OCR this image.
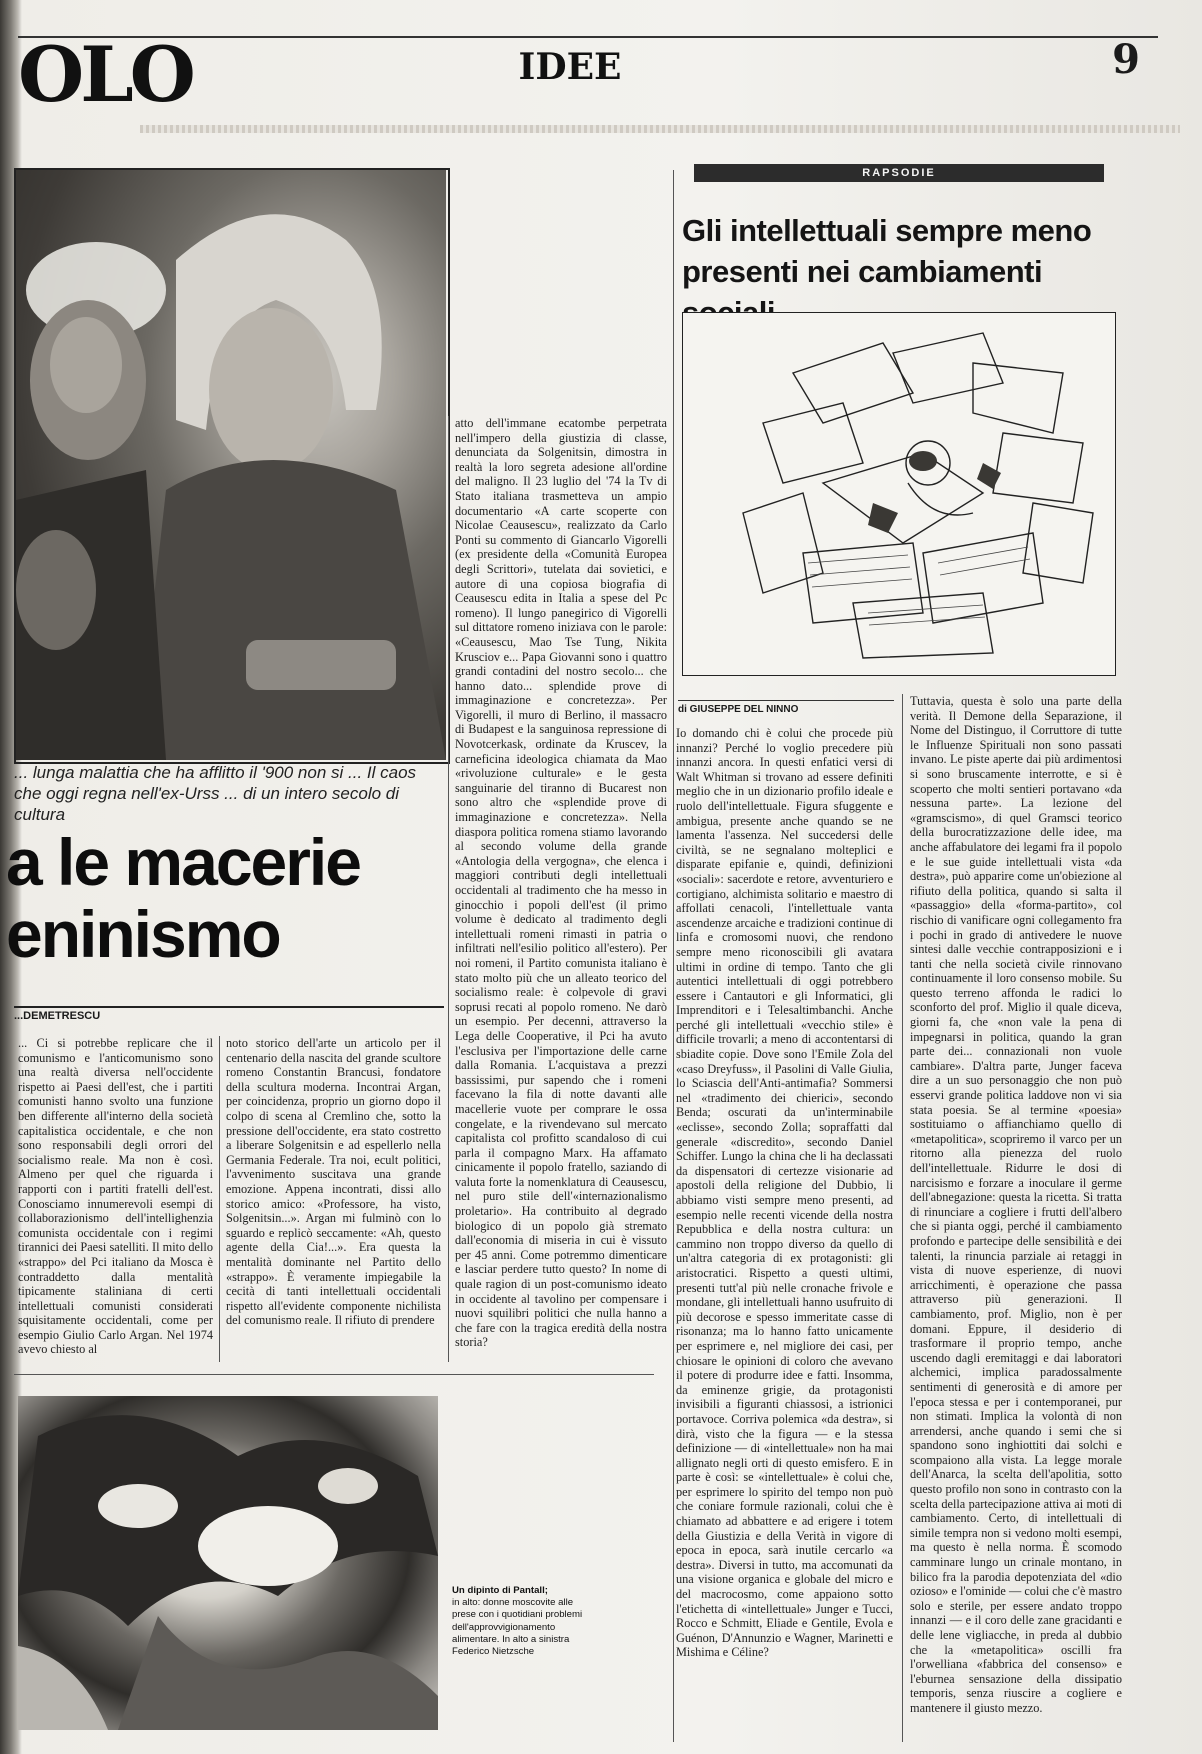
OLO	IDEE	9
... lunga malattia che ha afflitto il '900 non si ... Il caos che oggi regna nell'ex-Urss ... di un intero secolo di cultura
a le macerie
eninismo
...DEMETRESCU
... Ci si potrebbe replicare che il comunismo e l'anticomunismo sono una realtà diversa nell'occidente rispetto ai Paesi dell'est, che i partiti comunisti hanno svolto una funzione ben differente all'interno della società capitalistica occidentale, e che non sono responsabili degli orrori del socialismo reale. Ma non è così. Almeno per quel che riguarda i rapporti con i partiti fratelli dell'est. Conosciamo innumerevoli esempi di collaborazionismo dell'intellighenzia comunista occidentale con i regimi tirannici dei Paesi satelliti. Il mito dello «strappo» del Pci italiano da Mosca è contraddetto dalla mentalità tipicamente staliniana di certi intellettuali comunisti considerati squisitamente occidentali, come per esempio Giulio Carlo Argan. Nel 1974 avevo chiesto al
noto storico dell'arte un articolo per il centenario della nascita del grande scultore romeno Constantin Brancusi, fondatore della scultura moderna. Incontrai Argan, per coincidenza, proprio un giorno dopo il colpo di scena al Cremlino che, sotto la pressione dell'occidente, era stato costretto a liberare Solgenitsin e ad espellerlo nella Germania Federale. Tra noi, ecult politici, l'avvenimento suscitava una grande emozione. Appena incontrati, dissi allo storico amico: «Professore, ha visto, Solgenitsin...». Argan mi fulminò con lo sguardo e replicò seccamente: «Ah, questo agente della Cia!...». Era questa la mentalità dominante nel Partito dello «strappo». È veramente impiegabile la cecità di tanti intellettuali occidentali rispetto all'evidente componente nichilista del comunismo reale. Il rifiuto di prendere
atto dell'immane ecatombe perpetrata nell'impero della giustizia di classe, denunciata da Solgenitsin, dimostra in realtà la loro segreta adesione all'ordine del maligno. Il 23 luglio del '74 la Tv di Stato italiana trasmetteva un ampio documentario «A carte scoperte con Nicolae Ceausescu», realizzato da Carlo Ponti su commento di Giancarlo Vigorelli (ex presidente della «Comunità Europea degli Scrittori», tutelata dai sovietici, e autore di una copiosa biografia di Ceausescu edita in Italia a spese del Pc romeno). Il lungo panegirico di Vigorelli sul dittatore romeno iniziava con le parole: «Ceausescu, Mao Tse Tung, Nikita Krusciov e... Papa Giovanni sono i quattro grandi contadini del nostro secolo... che hanno dato... splendide prove di immaginazione e concretezza». Per Vigorelli, il muro di Berlino, il massacro di Budapest e la sanguinosa repressione di Novotcerkask, ordinate da Kruscev, la carneficina ideologica chiamata da Mao «rivoluzione culturale» e le gesta sanguinarie del tiranno di Bucarest non sono altro che «splendide prove di immaginazione e concretezza». Nella diaspora politica romena stiamo lavorando al secondo volume della grande «Antologia della vergogna», che elenca i maggiori contributi degli intellettuali occidentali al tradimento che ha messo in ginocchio i popoli dell'est (il primo volume è dedicato al tradimento degli intellettuali romeni rimasti in patria o infiltrati nell'esilio politico all'estero). Per noi romeni, il Partito comunista italiano è stato molto più che un alleato teorico del socialismo reale: è colpevole di gravi soprusi recati al popolo romeno. Ne darò un esempio. Per decenni, attraverso la Lega delle Cooperative, il Pci ha avuto l'esclusiva per l'importazione delle carne dalla Romania. L'acquistava a prezzi bassissimi, pur sapendo che i romeni facevano la fila di notte davanti alle macellerie vuote per comprare le ossa congelate, e la rivendevano sul mercato capitalista col profitto scandaloso di cui parla il compagno Marx. Ha affamato cinicamente il popolo fratello, saziando di valuta forte la nomenklatura di Ceausescu, nel puro stile dell'«internazionalismo proletario». Ha contribuito al degrado biologico di un popolo già stremato dall'economia di miseria in cui è vissuto per 45 anni. Come potremmo dimenticare e lasciar perdere tutto questo? In nome di quale ragion di un post-comunismo ideato in occidente al tavolino per compensare i nuovi squilibri politici che nulla hanno a che fare con la tragica eredità della nostra storia?
Un dipinto di Pantall;
in alto: donne moscovite alle prese con i quotidiani problemi dell'approvvigionamento alimentare. In alto a sinistra Federico Nietzsche
RAPSODIE
Gli intellettuali sempre meno presenti nei cambiamenti
di GIUSEPPE DEL NINNO
Io domando chi è colui che procede più innanzi? Perché lo voglio precedere più innanzi ancora. In questi enfatici versi di Walt Whitman si trovano ad essere definiti meglio che in un dizionario profilo ideale e ruolo dell'intellettuale. Figura sfuggente e ambigua, presente anche quando se ne lamenta l'assenza. Nel succedersi delle civiltà, se ne segnalano molteplici e disparate epifanie e, quindi, definizioni «sociali»: sacerdote e retore, avventuriero e cortigiano, alchimista solitario e maestro di affollati cenacoli, l'intellettuale vanta ascendenze arcaiche e tradizioni continue di linfa e cromosomi nuovi, che rendono sempre meno riconoscibili gli avatara ultimi in ordine di tempo. Tanto che gli autentici intellettuali di oggi potrebbero essere i Cantautori e gli Informatici, gli Imprenditori e i Telesaltimbanchi. Anche perché gli intellettuali «vecchio stile» è difficile trovarli; a meno di accontentarsi di sbiadite copie. Dove sono l'Emile Zola del «caso Dreyfuss», il Pasolini di Valle Giulia, lo Sciascia dell'Anti-antimafia? Sommersi nel «tradimento dei chierici», secondo Benda; oscurati da un'interminabile «eclisse», secondo Zolla; sopraffatti dal generale «discredito», secondo Daniel Schiffer. Lungo la china che li ha declassati da dispensatori di certezze visionarie ad apostoli della religione del Dubbio, li abbiamo visti sempre meno presenti, ad esempio nelle recenti vicende della nostra Repubblica e della nostra cultura: un cammino non troppo diverso da quello di un'altra categoria di ex protagonisti: gli aristocratici. Rispetto a questi ultimi, presenti tutt'al più nelle cronache frivole e mondane, gli intellettuali hanno usufruito di più decorose e spesso immeritate casse di risonanza; ma lo hanno fatto unicamente per esprimere e, nel migliore dei casi, per chiosare le opinioni di coloro che avevano il potere di produrre idee e fatti. Insomma, da eminenze grigie, da protagonisti invisibili a figuranti chiassosi, a istrionici portavoce. Corriva polemica «da destra», si dirà, visto che la figura — e la stessa definizione — di «intellettuale» non ha mai allignato negli orti di questo emisfero. E in parte è così: se «intellettuale» è colui che, per esprimere lo spirito del tempo non può che coniare formule razionali, colui che è chiamato ad abbattere e ad erigere i totem della Giustizia e della Verità in vigore di epoca in epoca, sarà inutile cercarlo «a destra». Diversi in tutto, ma accomunati da una visione organica e globale del micro e del macrocosmo, come appaiono sotto l'etichetta di «intellettuale» Junger e Tucci, Rocco e Schmitt, Eliade e Gentile, Evola e Guénon, D'Annunzio e Wagner, Marinetti e Mishima e Céline?
Tuttavia, questa è solo una parte della verità. Il Demone della Separazione, il Nome del Distinguo, il Corruttore di tutte le Influenze Spirituali non sono passati invano. Le piste aperte dai più ardimentosi si sono bruscamente interrotte, e si è scoperto che molti sentieri portavano «da nessuna parte». La lezione del «gramscismo», di quel Gramsci teorico della burocratizzazione delle idee, ma anche affabulatore dei legami fra il popolo e le sue guide intellettuali vista «da destra», può apparire come un'obiezione al rifiuto della politica, quando si salta il «passaggio» della «forma-partito», col rischio di vanificare ogni collegamento fra i pochi in grado di antivedere le nuove sintesi dalle vecchie contrapposizioni e i tanti che nella società civile rinnovano continuamente il loro consenso mobile. Su questo terreno affonda le radici lo sconforto del prof. Miglio il quale diceva, giorni fa, che «non vale la pena di impegnarsi in politica, quando la gran parte dei... connazionali non vuole cambiare». D'altra parte, Junger faceva dire a un suo personaggio che non può esservi grande politica laddove non vi sia stata poesia. Se al termine «poesia» sostituiamo o affianchiamo quello di «metapolitica», scopriremo il varco per un ritorno alla pienezza del ruolo dell'intellettuale. Ridurre le dosi di narcisismo e forzare a inoculare il germe dell'abnegazione: questa la ricetta. Si tratta di rinunciare a cogliere i frutti dell'albero che si pianta oggi, perché il cambiamento profondo e partecipe delle sensibilità e dei talenti, la rinuncia parziale ai retaggi in vista di nuove esperienze, di nuovi arricchimenti, è operazione che passa attraverso più generazioni. Il cambiamento, prof. Miglio, non è per domani. Eppure, il desiderio di trasformare il proprio tempo, anche uscendo dagli eremitaggi e dai laboratori alchemici, implica paradossalmente sentimenti di generosità e di amore per l'epoca stessa e per i contemporanei, pur non stimati. Implica la volontà di non arrendersi, anche quando i semi che si spandono sono inghiottiti dai solchi e scompaiono alla vista. La legge morale dell'Anarca, la scelta dell'apolitia, sotto questo profilo non sono in contrasto con la scelta della partecipazione attiva ai moti di cambiamento. Certo, di intellettuali di simile tempra non si vedono molti esempi, ma questo è nella norma. È scomodo camminare lungo un crinale montano, in bilico fra la parodia depotenziata del «dio ozioso» e l'ominide — colui che c'è mastro solo e sterile, per essere andato troppo innanzi — e il coro delle zane gracidanti e delle lene vigliacche, in preda al dubbio che la «metapolitica» oscilli fra l'orwelliana «fabbrica del consenso» e l'eburnea sensazione della dissipatio temporis, senza riuscire a cogliere e mantenere il giusto mezzo.
